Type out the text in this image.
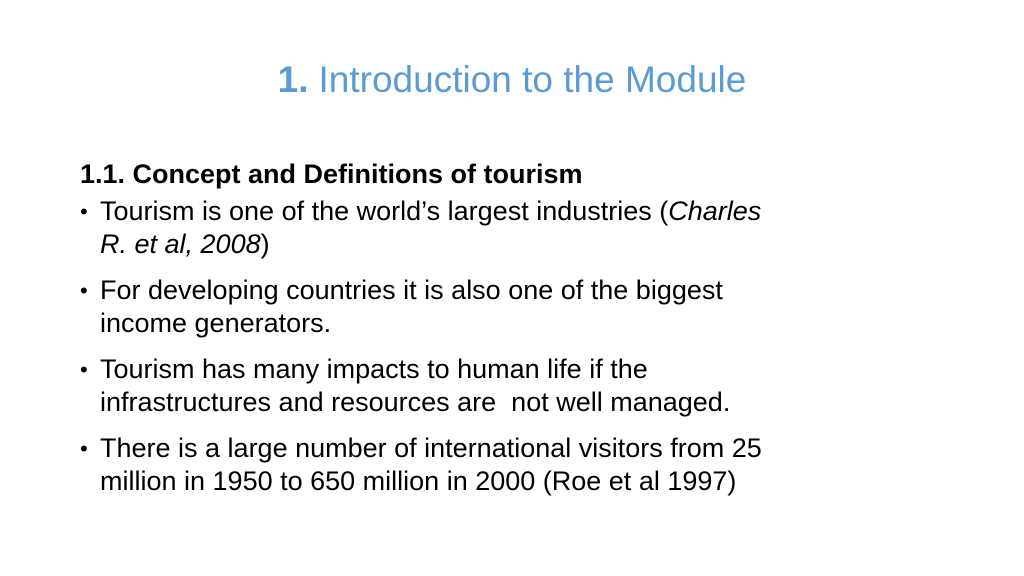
1. Introduction to the Module
1.1. Concept and Definitions of tourism
• Tourism is one of the world’s largest industries (Charles
R. et al, 2008)
• For developing countries it is also one of the biggest
income generators.
• Tourism has many impacts to human life if the
infrastructures and resources are  not well managed.
• There is a large number of international visitors from 25
million in 1950 to 650 million in 2000 (Roe et al 1997)
